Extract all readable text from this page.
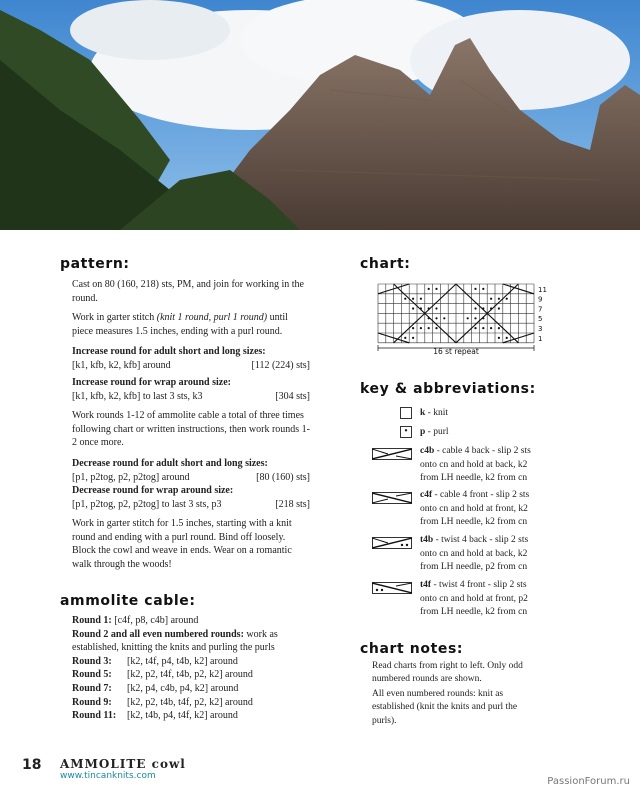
pattern:
Cast on 80 (160, 218) sts, PM, and join for working in the round.
Work in garter stitch (knit 1 round, purl 1 round) until piece measures 1.5 inches, ending with a purl round.
Increase round for adult short and long sizes:
[k1, kfb, k2, kfb] around	[112 (224) sts]
Increase round for wrap around size:
[k1, kfb, k2, kfb] to last 3 sts, k3	[304 sts]
Work rounds 1-12 of ammolite cable a total of three times following chart or written instructions, then work rounds 1-2 once more.
Decrease round for adult short and long sizes:
[p1, p2tog, p2, p2tog] around	[80 (160) sts]
Decrease round for wrap around size:
[p1, p2tog, p2, p2tog] to last 3 sts, p3	[218 sts]
Work in garter stitch for 1.5 inches, starting with a knit round and ending with a purl round. Bind off loosely. Block the cowl and weave in ends. Wear on a romantic walk through the woods!
ammolite cable:
Round 1: [c4f, p8, c4b] around
Round 2 and all even numbered rounds: work as established, knitting the knits and purling the purls
Round 3: [k2, t4f, p4, t4b, k2] around
Round 5: [k2, p2, t4f, t4b, p2, k2] around
Round 7: [k2, p4, c4b, p4, k2] around
Round 9: [k2, p2, t4b, t4f, p2, k2] around
Round 11: [k2, t4b, p4, t4f, k2] around
chart:
11
9
7
5
3
1
16 st repeat
key & abbreviations:
k - knit
• p - purl
c4b - cable 4 back - slip 2 sts onto cn and hold at back, k2 from LH needle, k2 from cn
c4f - cable 4 front - slip 2 sts onto cn and hold at front, k2 from LH needle, k2 from cn
t4b - twist 4 back - slip 2 sts onto cn and hold at back, k2 from LH needle, p2 from cn
t4f - twist 4 front - slip 2 sts onto cn and hold at front, p2 from LH needle, k2 from cn
chart notes:
Read charts from right to left. Only odd numbered rounds are shown.
All even numbered rounds: knit as established (knit the knits and purl the purls).
18 AMMOLITE cowl
www.tincanknits.com	PassionForum.ru
